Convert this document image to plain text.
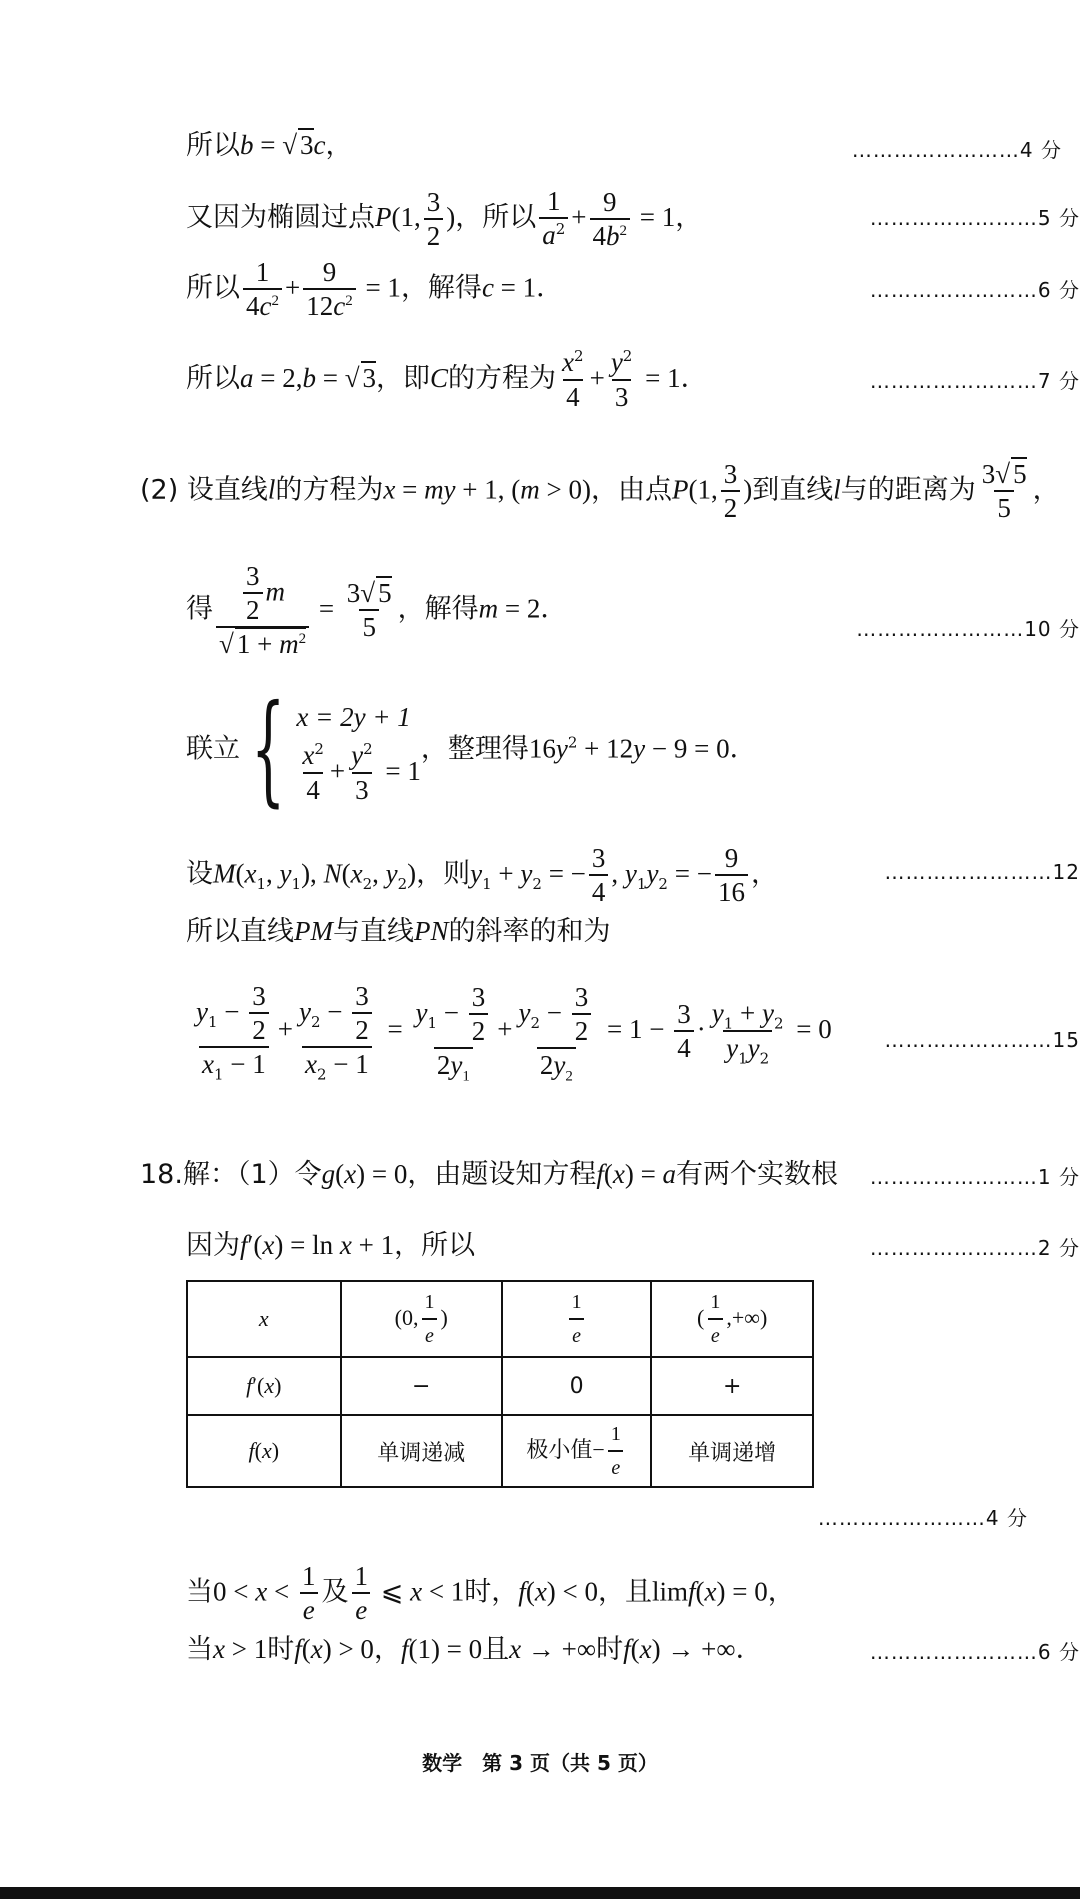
所以b = √ 3c，	……………………4 分
又因为椭圆过点P(1, $\frac{3}{2}$ )，所以 $\frac{1}{a^2} + \frac{9}{4b^2} = 1$，	……………………5 分
所以 $\frac{1}{4c^2} + \frac{9}{12c^2} = 1$，解得c = 1．	……………………6 分
所以a = 2,b = √ 3，即C的方程为 $\frac{x^2}{4} + \frac{y^2}{3} = 1$．	……………………7 分
(2) 设直线l的方程为x = my + 1, (m > 0)，由点P(1, $\frac{3}{2}$ )到直线l与的距离为 $\frac{3√ 5}{5}$ ，
得 $\frac{\frac{3}{2} m}{√ 1 + m^2} = \frac{3√ 5}{5}$ ，解得m = 2．
……………………10 分
联立{ x = 2y + 1
$\frac{x^2}{4} + \frac{y^2}{3} = 1$
，整理得$16y^2 + 12y - 9 = 0$．
设$M(x_1$, $y_1$), $N(x_2$, $y_2$)，则$y_1 + y_2$ = − $\frac{3}{4}$ , $y_1y_2$ = − $\frac{9}{16}$ ，	……………………12
所以直线PM与直线PN的斜率的和为
$\frac{y_1 - \frac{3}{2}}{x_1 - 1} + \frac{y_2 - \frac{3}{2}}{x_2 - 1} = \frac{y_1 - \frac{3}{2}}{2y_1} + \frac{y_2 - \frac{3}{2}}{2y_2} = 1 - \frac{3}{4} \cdot \frac{y_1 + y_2}{y_1y_2} = 0$	……………………15
18.解：（1）令g(x) = 0，由题设知方程f(x) = a有两个实数根 ……………………1 分
因为f′(x) = ln x + 1，所以	……………………2 分
x	(0, $\frac{1}{e}$ )	$\frac{1}{e}$	( $\frac{1}{e}$ ,+∞)
f′(x)	−	0	+
f(x)	单调递减	极小值− $\frac{1}{e}$	单调递增
……………………4 分
当$0 < x < \frac{1}{e}$ 及 $\frac{1}{e}$ ⩽ x < 1时，f(x) < 0，且limf(x) = 0，
当x > 1时f(x) > 0，f(1) = 0且x → +∞时f(x) → +∞．	……………………6 分
数学　第 3 页（共 5 页）
